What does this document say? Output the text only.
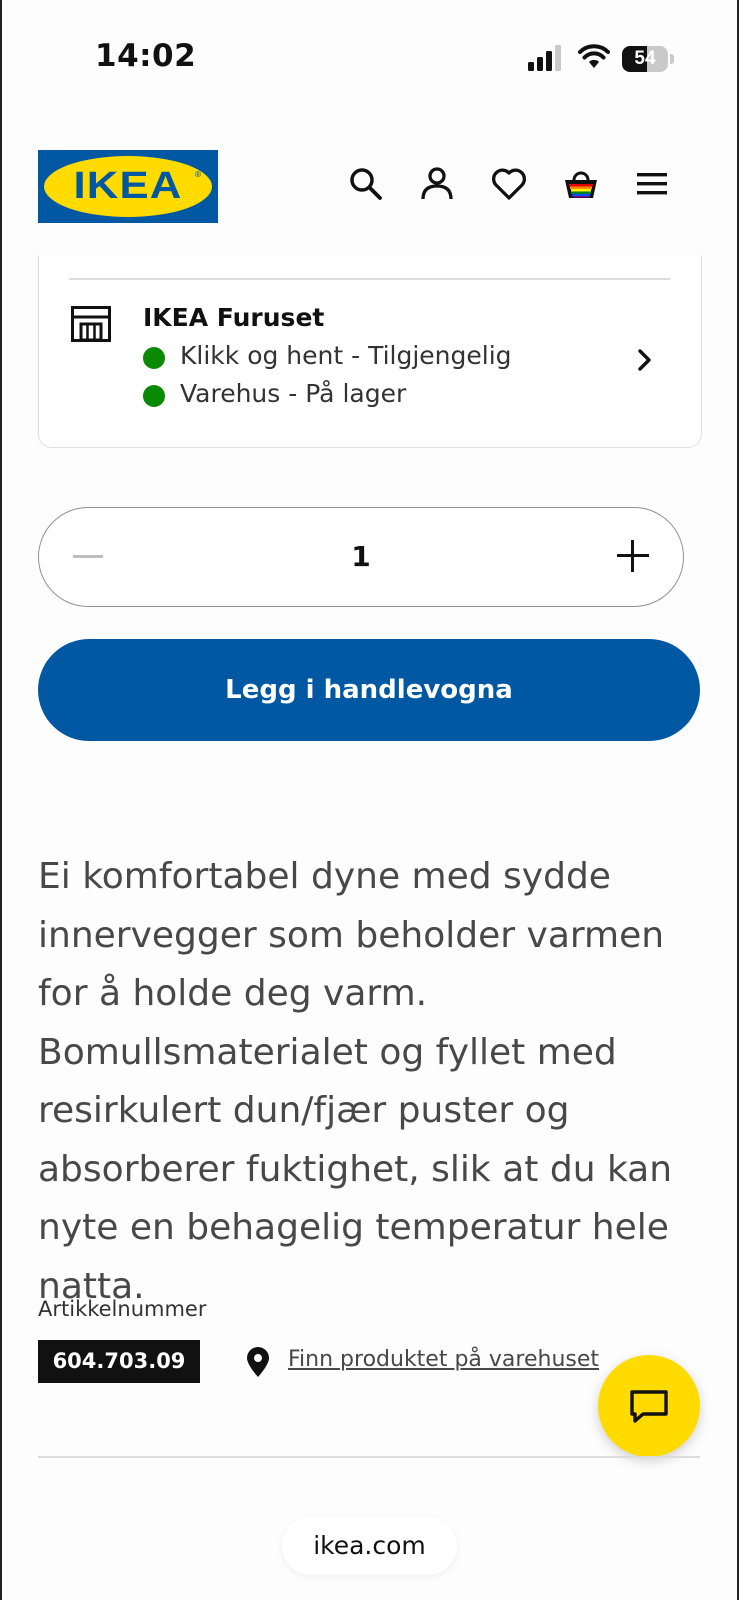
14:02	54
IKEA	®
IKEA Furuset
Klikk og hent - Tilgjengelig
Varehus - På lager
1
Legg i handlevogna
Ei komfortabel dyne med sydde innervegger som beholder varmen for å holde deg varm. Bomullsmaterialet og fyllet med resirkulert dun/fjær puster og absorberer fuktighet, slik at du kan nyte en behagelig temperatur hele natta.
Artikkelnummer
604.703.09	Finn produktet på varehuset
ikea.com
